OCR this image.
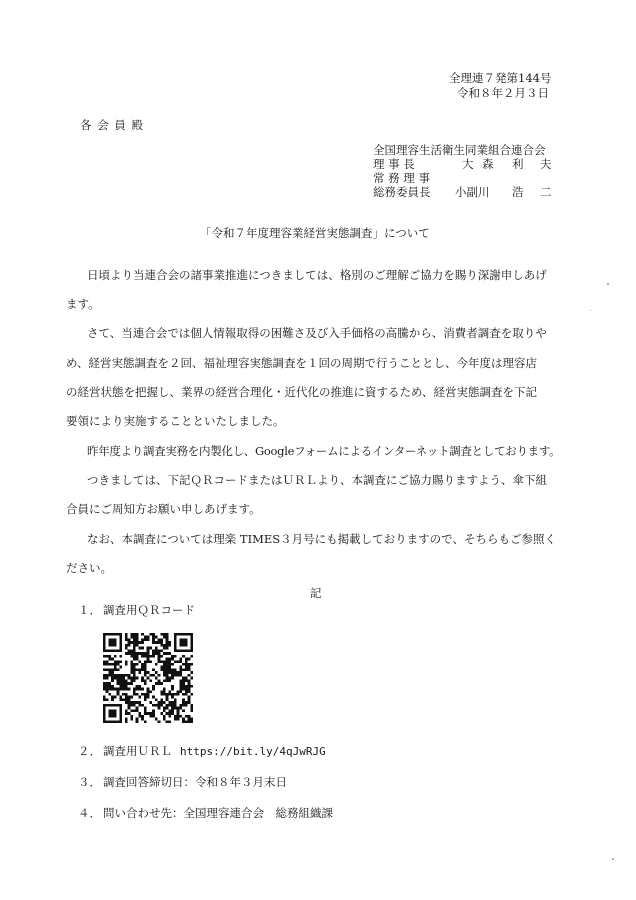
全理連７発第144号
令和８年２月３日
各 会 員 殿
全国理容生活衛生同業組合連合会
理 事 長	大 森 利 夫
常 務 理 事
総務委員長 小副川 浩 二
「令和７年度理容業経営実態調査」について
日頃より当連合会の諸事業推進につきましては、格別のご理解ご協力を賜り深謝申しあげ
ます。
さて、当連合会では個人情報取得の困難さ及び入手価格の高騰から、消費者調査を取りや
め、経営実態調査を２回、福祉理容実態調査を１回の周期で行うこととし、今年度は理容店
の経営状態を把握し、業界の経営合理化・近代化の推進に資するため、経営実態調査を下記
要領により実施することといたしました。
昨年度より調査実務を内製化し、Googleフォームによるインターネット調査としております。
つきましては、下記ＱＲコードまたはＵＲＬより、本調査にご協力賜りますよう、傘下組
合員にご周知方お願い申しあげます。
なお、本調査については理楽 TIMES３月号にも掲載しておりますので、そちらもご参照く
ださい。
記
１． 調査用ＱＲコード
２． 調査用ＵＲＬ https://bit.ly/4qJwRJG
３． 調査回答締切日：令和８年３月末日
４． 問い合わせ先：全国理容連合会　総務組織課
